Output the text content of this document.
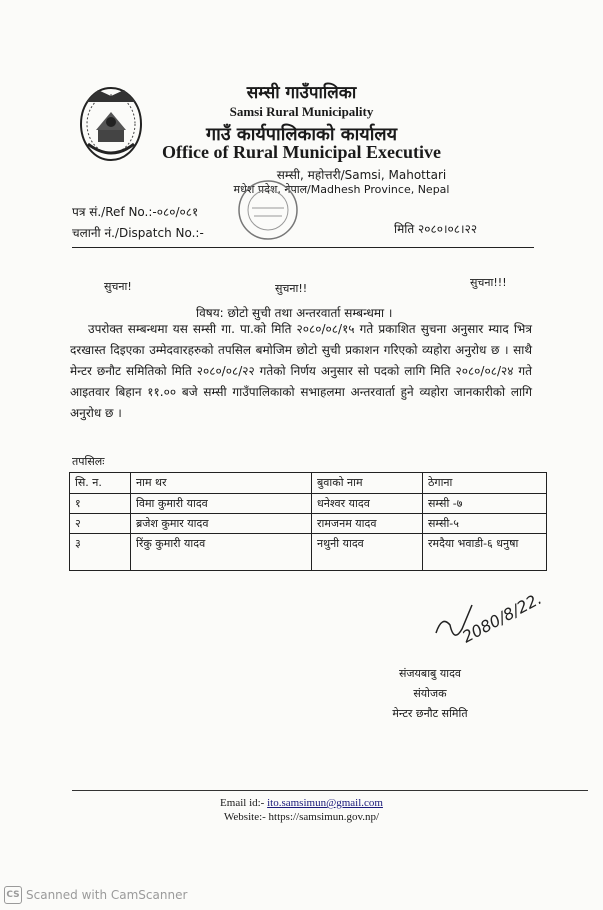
सम्सी गाउँपालिका
Samsi Rural Municipality
गाउँ कार्यपालिकाको कार्यालय
Office of Rural Municipal Executive
सम्सी, महोत्तरी/Samsi, Mahottari
मधेश प्रदेश, नेपाल/Madhesh Province, Nepal
पत्र सं./Ref No.:-०८०/०८१
चलानी नं./Dispatch No.:-	मिति २०८०।०८।२२
सुचना!	सुचना!!	सुचना!!!
विषय: छोटो सुची तथा अन्तरवार्ता सम्बन्धमा ।
उपरोक्त सम्बन्धमा यस सम्सी गा. पा.को मिति २०८०/०८/१५ गते प्रकाशित सुचना अनुसार म्याद भित्र दरखास्त दिइएका उम्मेदवारहरुको तपसिल बमोजिम छोटो सुची प्रकाशन गरिएको व्यहोरा अनुरोध छ । साथै मेन्टर छनौट समितिको मिति २०८०/०८/२२ गतेको निर्णय अनुसार सो पदको लागि मिति २०८०/०८/२४ गते आइतवार बिहान ११.०० बजे सम्सी गाउँपालिकाको सभाहलमा अन्तरवार्ता हुने व्यहोरा जानकारीको लागि अनुरोध छ ।
तपसिलः
सि. न.	नाम थर	बुवाको नाम	ठेगाना
१	विमा कुमारी यादव	धनेश्वर यादव	सम्सी -७
२	ब्रजेश कुमार यादव	रामजनम यादव	सम्सी-५
३	रिंकु कुमारी यादव	नथुनी यादव	रमदैया भवाडी-६ धनुषा
2080/8/22.
संजयबाबु यादव
संयोजक
मेन्टर छनौट समिति
Email id:- ito.samsimun@gmail.com
Website:- https://samsimun.gov.np/
CS Scanned with CamScanner
